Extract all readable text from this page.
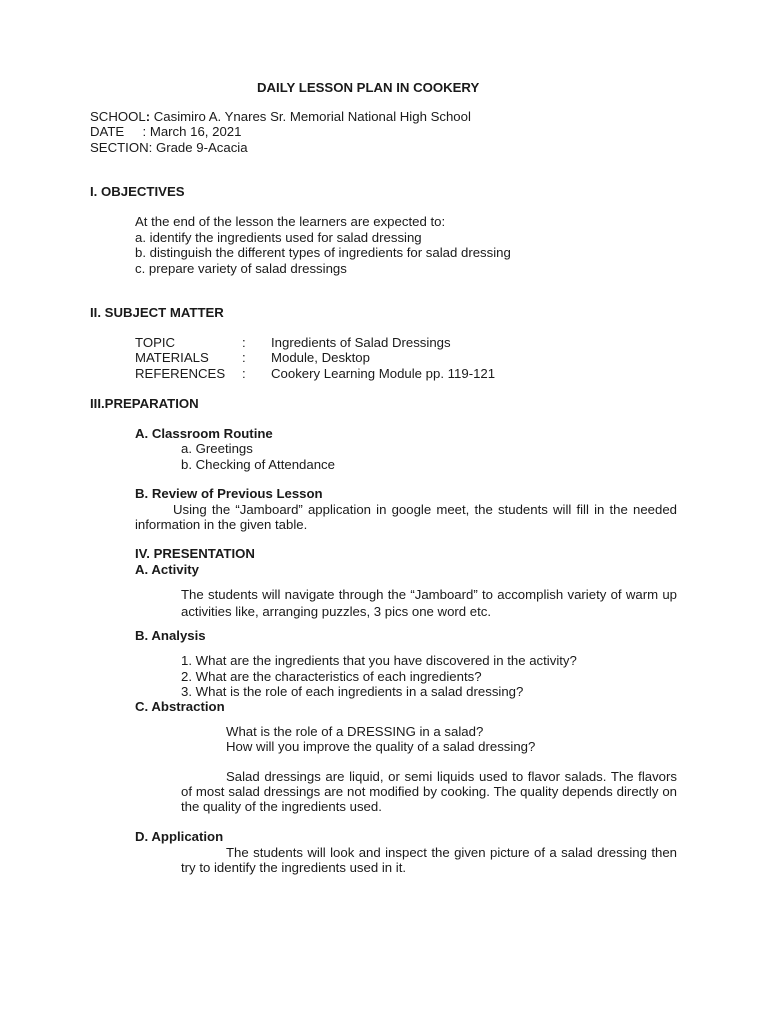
DAILY LESSON PLAN IN COOKERY
SCHOOL: Casimiro A. Ynares Sr. Memorial National High School
DATE     : March 16, 2021
SECTION: Grade 9-Acacia
I. OBJECTIVES
At the end of the lesson the learners are expected to:
a. identify the ingredients used for salad dressing
b. distinguish the different types of ingredients for salad dressing
c. prepare variety of salad dressings
II. SUBJECT MATTER
TOPIC	: Ingredients of Salad Dressings
MATERIALS	: Module, Desktop
REFERENCES : Cookery Learning Module pp. 119-121
III.PREPARATION
A. Classroom Routine
a. Greetings
b. Checking of Attendance
B. Review of Previous Lesson
Using the “Jamboard” application in google meet, the students will fill in the needed information in the given table.
IV. PRESENTATION
A. Activity
The students will navigate through the “Jamboard” to accomplish variety of warm up activities like, arranging puzzles, 3 pics one word etc.
B. Analysis
1. What are the ingredients that you have discovered in the activity?
2. What are the characteristics of each ingredients?
3. What is the role of each ingredients in a salad dressing?
C. Abstraction
What is the role of a DRESSING in a salad?
How will you improve the quality of a salad dressing?
Salad dressings are liquid, or semi liquids used to flavor salads. The flavors of most salad dressings are not modified by cooking. The quality depends directly on the quality of the ingredients used.
D. Application
The students will look and inspect the given picture of a salad dressing then try to identify the ingredients used in it.
